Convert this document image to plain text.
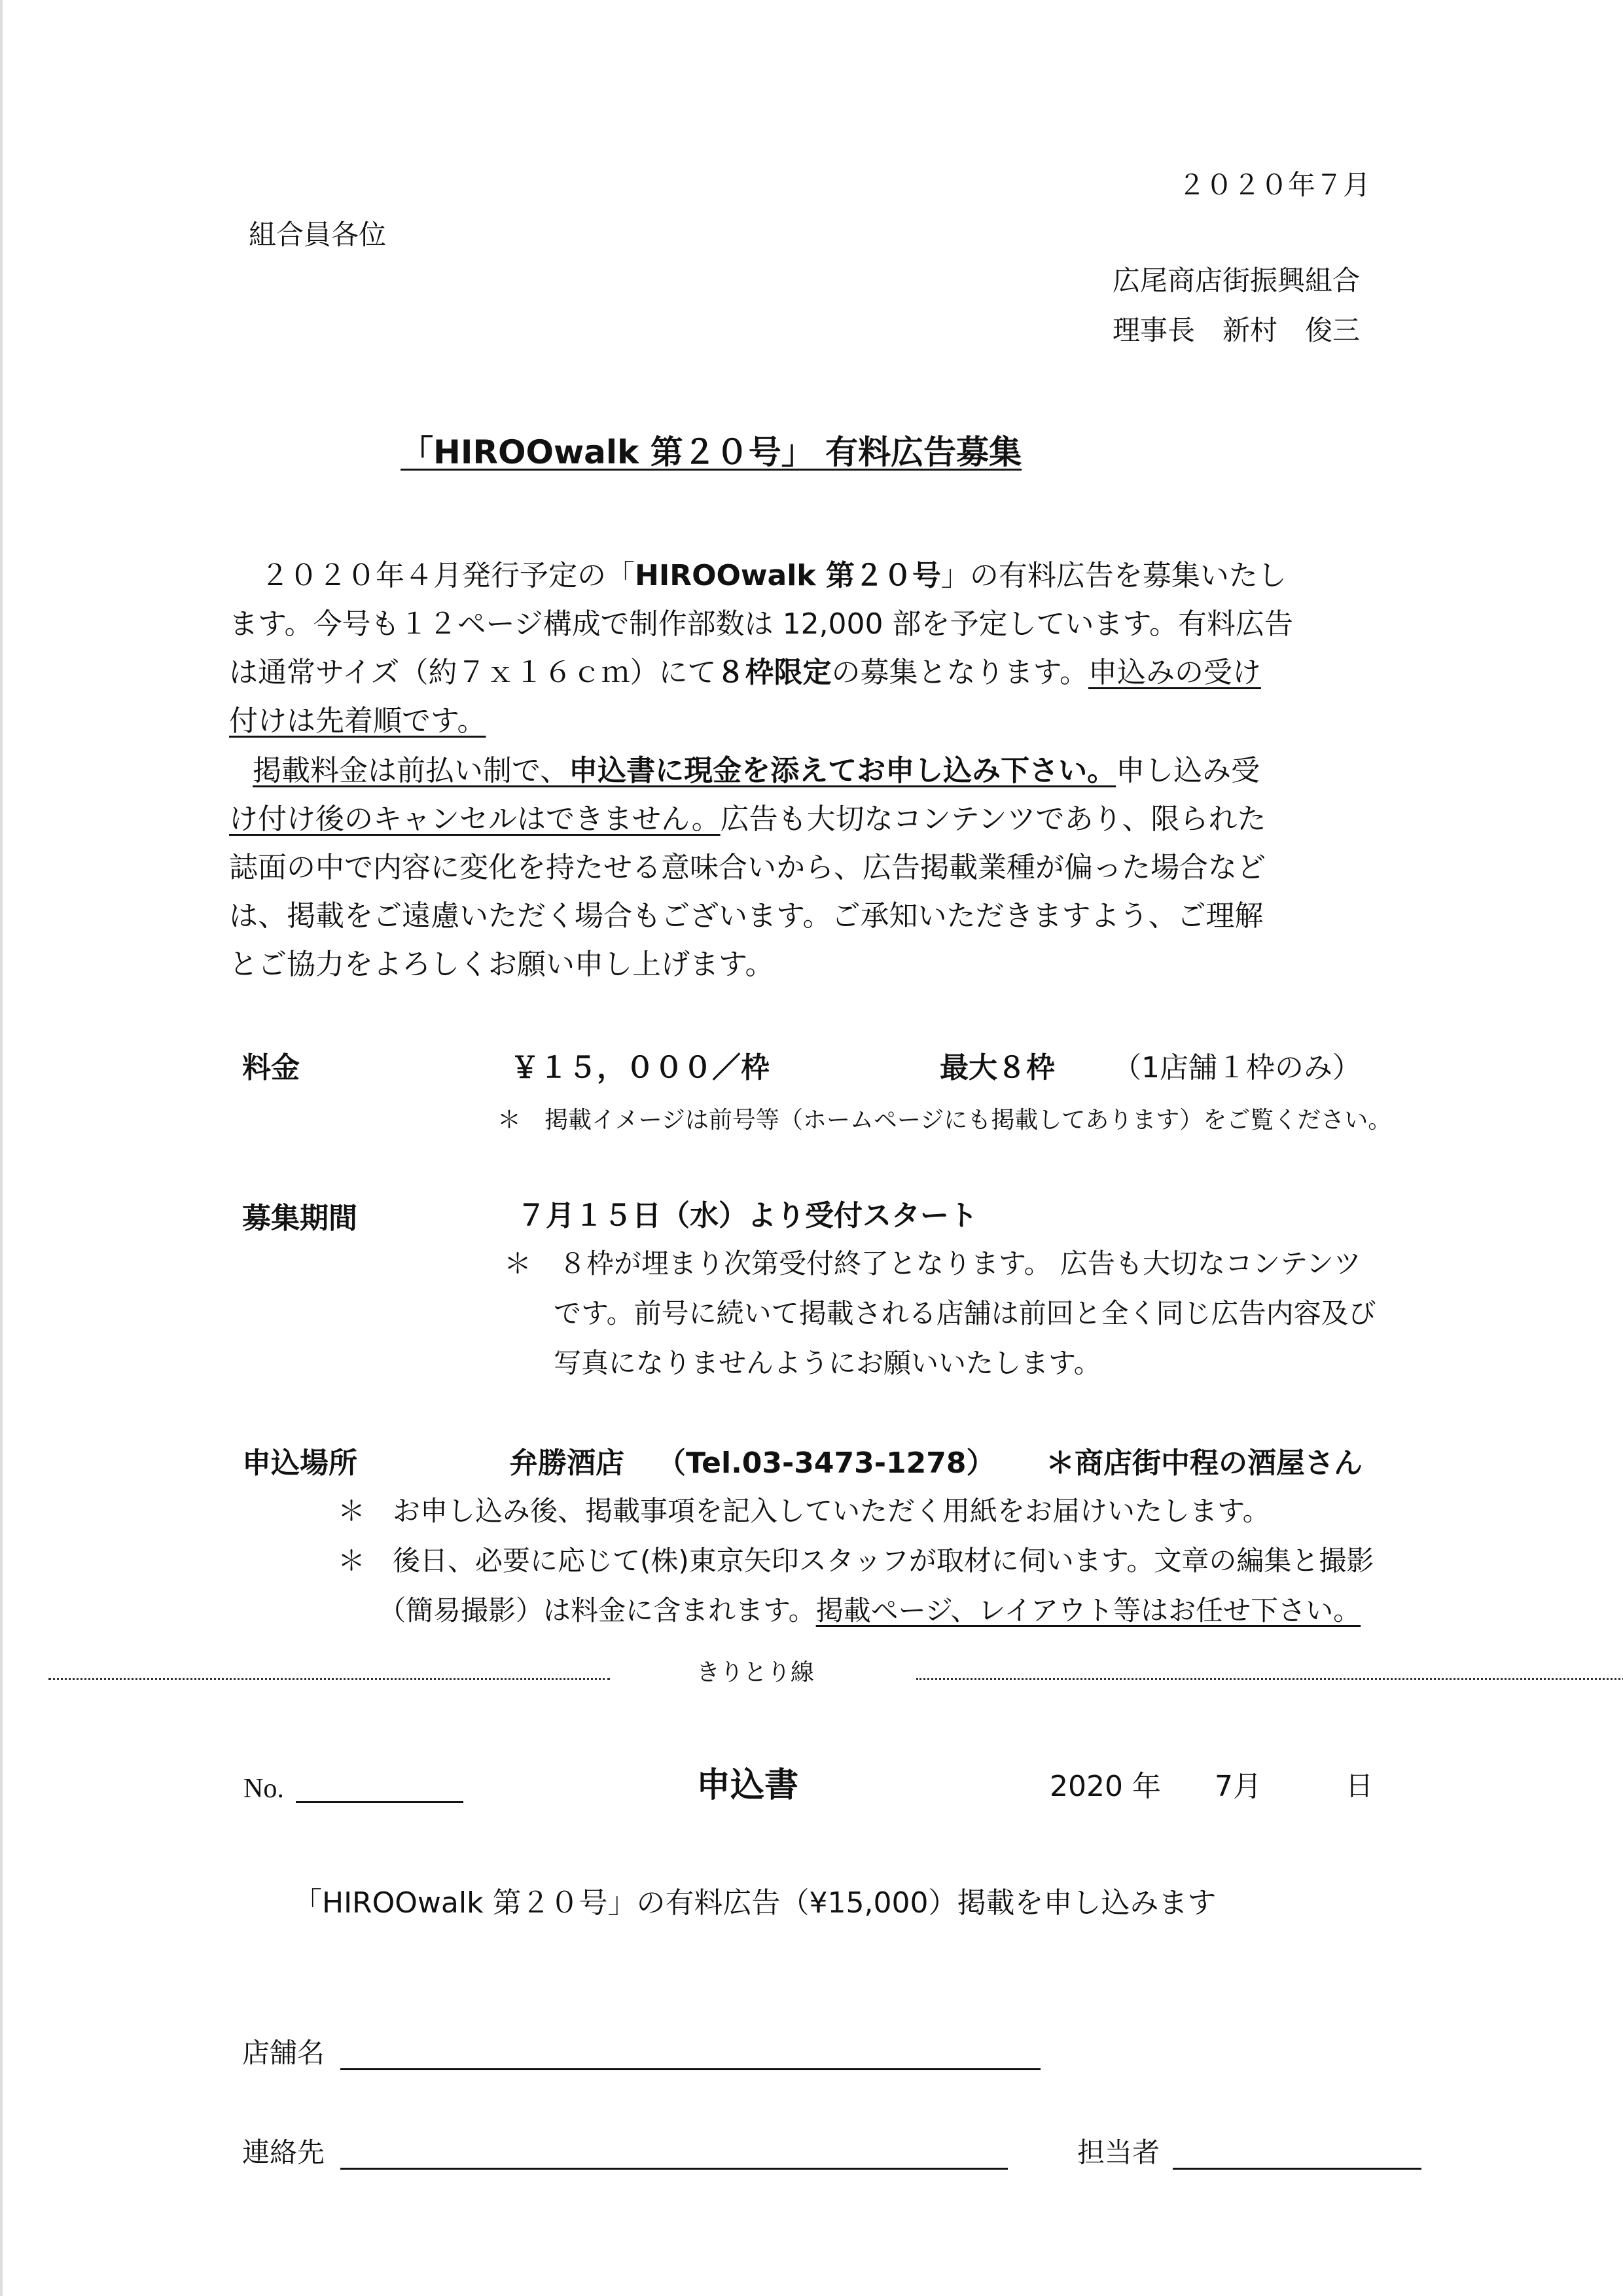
２０２０年７月
組合員各位
広尾商店街振興組合
理事長　新村　俊三
「HIROOwalk 第２０号」 有料広告募集
２０２０年４月発行予定の「HIROOwalk 第２０号」の有料広告を募集いたし
ます。今号も１２ページ構成で制作部数は 12,000 部を予定しています。有料広告
は通常サイズ（約７ｘ１６ｃｍ）にて８枠限定の募集となります。申込みの受け
付けは先着順です。
掲載料金は前払い制で、申込書に現金を添えてお申し込み下さい。申し込み受
け付け後のキャンセルはできません。広告も大切なコンテンツであり、限られた
誌面の中で内容に変化を持たせる意味合いから、広告掲載業種が偏った場合など
は、掲載をご遠慮いただく場合もございます。ご承知いただきますよう、ご理解
とご協力をよろしくお願い申し上げます。
料金	￥１５，０００／枠	最大８枠 （1店舗１枠のみ）
＊　掲載イメージは前号等（ホームページにも掲載してあります）をご覧ください。
募集期間	７月１５日（水）より受付スタート
＊　８枠が埋まり次第受付終了となります。 広告も大切なコンテンツ
です。前号に続いて掲載される店舗は前回と全く同じ広告内容及び
写真になりませんようにお願いいたします。
申込場所	弁勝酒店 （Tel.03-3473-1278） ＊商店街中程の酒屋さん
＊　お申し込み後、掲載事項を記入していただく用紙をお届けいたします。
＊　後日、必要に応じて(株)東京矢印スタッフが取材に伺います。文章の編集と撮影
（簡易撮影）は料金に含まれます。掲載ページ、レイアウト等はお任せ下さい。
きりとり線
No.	申込書	2020 年 7月	日
「HIROOwalk 第２０号」の有料広告（¥15,000）掲載を申し込みます
店舗名
連絡先	担当者
